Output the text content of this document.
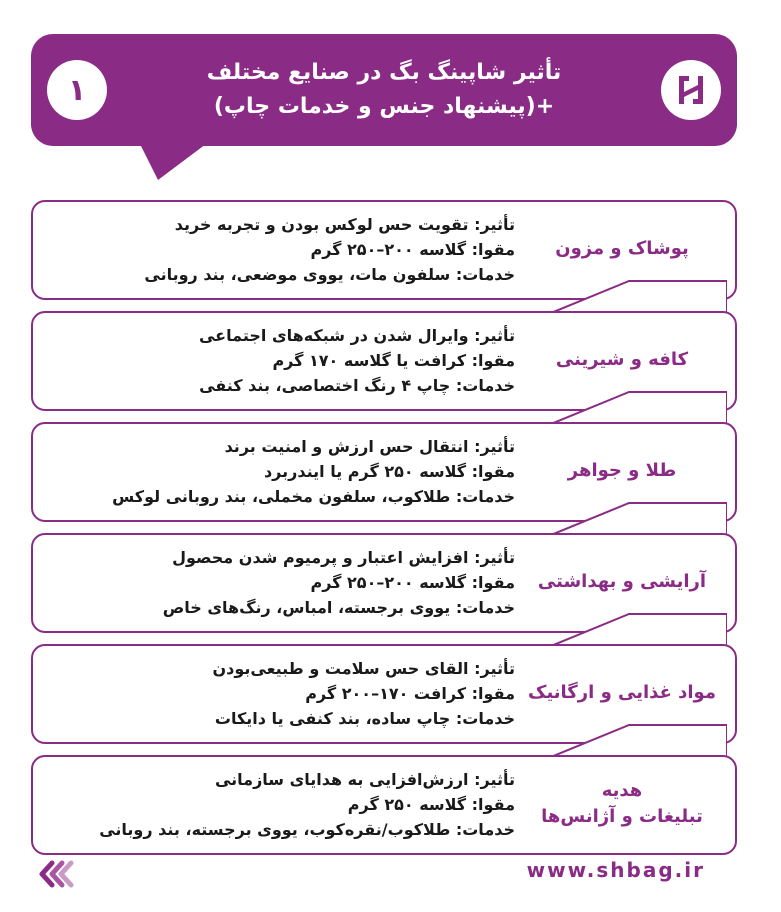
۱	تأثیر شاپینگ بگ در صنایع مختلف
+(پیشنهاد جنس و خدمات چاپ)
تأثیر: تقویت حس لوکس بودن و تجربه خرید
مقوا: گلاسه ۲۰۰–۲۵۰ گرم
خدمات: سلفون مات، یووی موضعی، بند روبانی
پوشاک و مزون
تأثیر: وایرال شدن در شبکه‌های اجتماعی
مقوا: کرافت یا گلاسه ۱۷۰ گرم
خدمات: چاپ ۴ رنگ اختصاصی، بند کنفی
کافه و شیرینی
تأثیر: انتقال حس ارزش و امنیت برند
مقوا: گلاسه ۲۵۰ گرم یا ایندربرد
خدمات: طلاکوب، سلفون مخملی، بند روبانی لوکس
طلا و جواهر
تأثیر: افزایش اعتبار و پرمیوم شدن محصول
مقوا: گلاسه ۲۰۰–۲۵۰ گرم
خدمات: یووی برجسته، امباس، رنگ‌های خاص
آرایشی و بهداشتی
تأثیر: القای حس سلامت و طبیعی‌بودن
مقوا: کرافت ۱۷۰–۲۰۰ گرم
خدمات: چاپ ساده، بند کنفی یا دایکات
مواد غذایی و ارگانیک
تأثیر: ارزش‌افزایی به هدایای سازمانی
مقوا: گلاسه ۲۵۰ گرم
خدمات: طلاکوب/نقره‌کوب، یووی برجسته، بند روبانی
هدیه
تبلیغات و آژانس‌ها
www.shbag.ir
